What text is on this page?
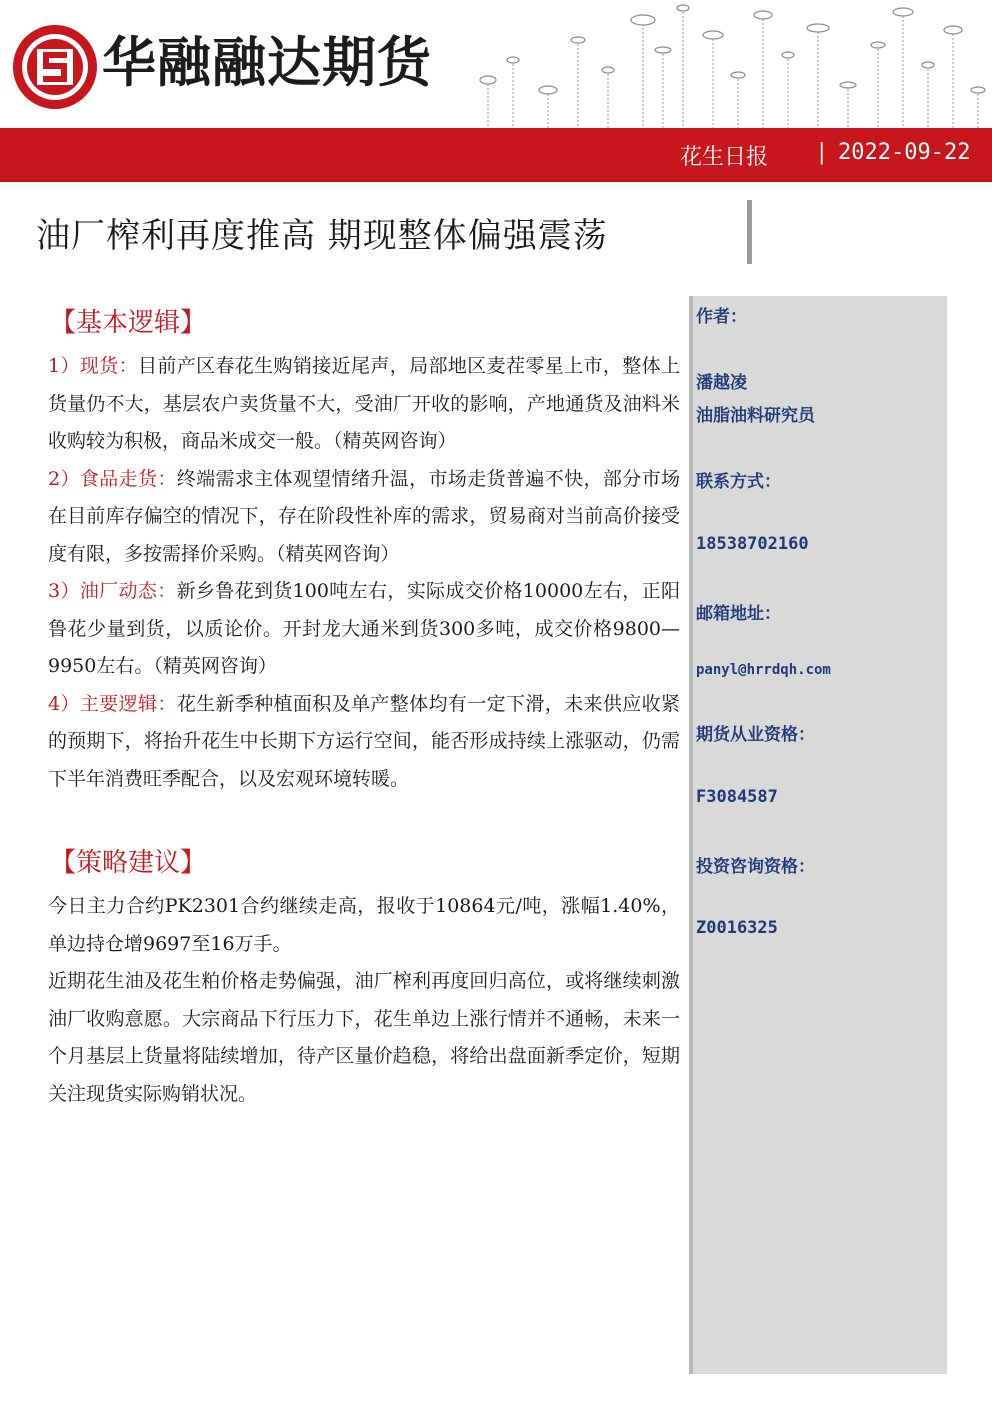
华融融达期货
花生日报 | 2022-09-22
油厂榨利再度推高 期现整体偏强震荡
作者：
潘越凌
油脂油料研究员
联系方式：
18538702160
邮箱地址：
panyl@hrrdqh.com
期货从业资格：
F3084587
投资咨询资格：
Z0016325
【基本逻辑】

1）现货：目前产区春花生购销接近尾声，局部地区麦茬零星上市，整体上货量仍不大，基层农户卖货量不大，受油厂开收的影响，产地通货及油料米收购较为积极，商品米成交一般。（精英网咨询）

2）食品走货：终端需求主体观望情绪升温，市场走货普遍不快，部分市场在目前库存偏空的情况下，存在阶段性补库的需求，贸易商对当前高价接受度有限，多按需择价采购。（精英网咨询）

3）油厂动态：新乡鲁花到货100吨左右，实际成交价格10000左右，正阳鲁花少量到货，以质论价。开封龙大通米到货300多吨，成交价格9800—9950左右。（精英网咨询）

4）主要逻辑：花生新季种植面积及单产整体均有一定下滑，未来供应收紧的预期下，将抬升花生中长期下方运行空间，能否形成持续上涨驱动，仍需下半年消费旺季配合，以及宏观环境转暖。

【策略建议】

今日主力合约PK2301合约继续走高，报收于10864元/吨，涨幅1.40%，单边持仓增9697至16万手。

近期花生油及花生粕价格走势偏强，油厂榨利再度回归高位，或将继续刺激油厂收购意愿。大宗商品下行压力下，花生单边上涨行情并不通畅，未来一个月基层上货量将陆续增加，待产区量价趋稳，将给出盘面新季定价，短期关注现货实际购销状况。
